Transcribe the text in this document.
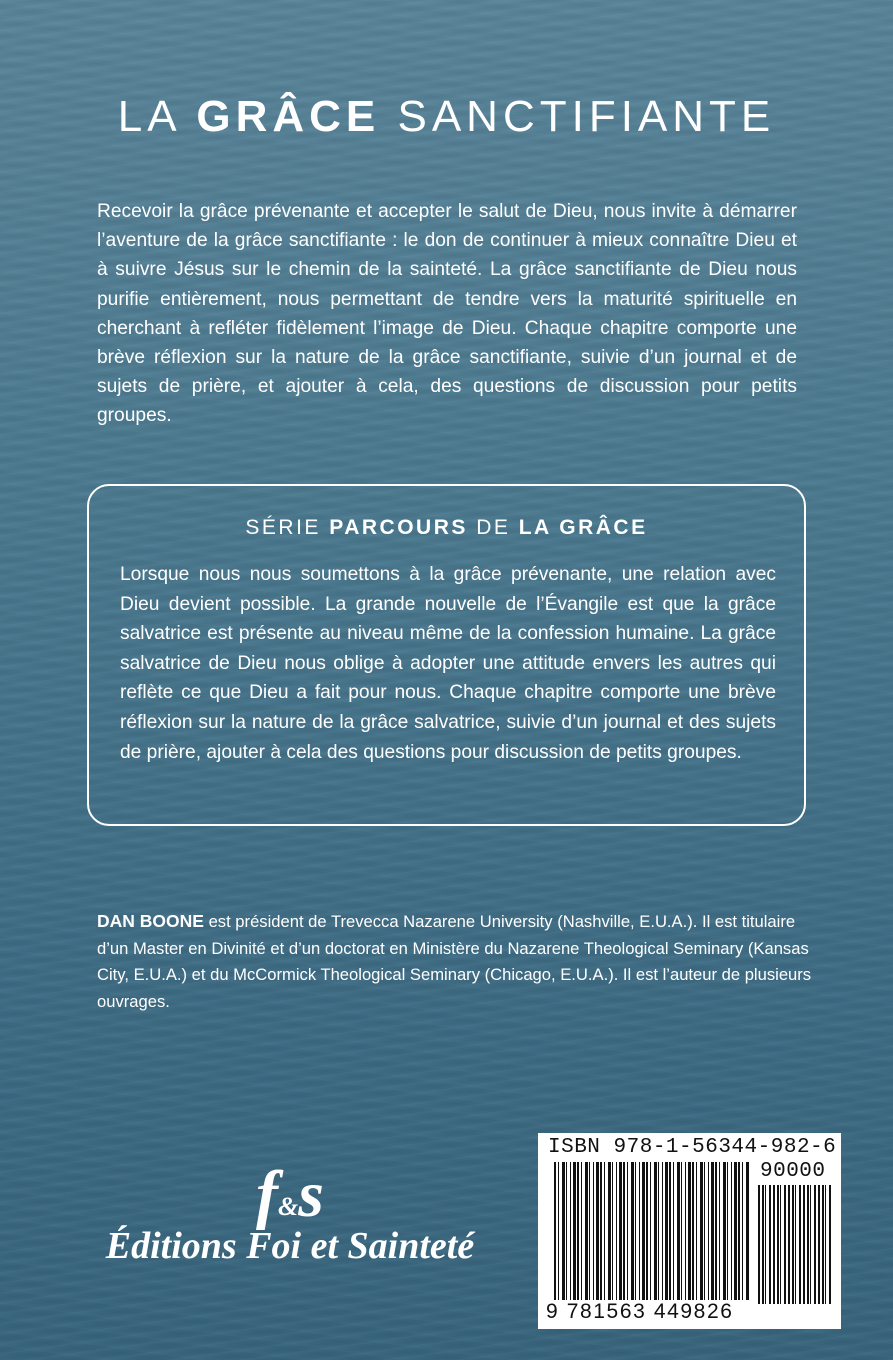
LA GRÂCE SANCTIFIANTE
Recevoir la grâce prévenante et accepter le salut de Dieu, nous invite à démarrer l’aventure de la grâce sanctifiante : le don de continuer à mieux connaître Dieu et à suivre Jésus sur le chemin de la sainteté. La grâce sanctifiante de Dieu nous purifie entièrement, nous permettant de tendre vers la maturité spirituelle en cherchant à refléter fidèlement l’image de Dieu. Chaque chapitre comporte une brève réflexion sur la nature de la grâce sanctifiante, suivie d’un journal et de sujets de prière, et ajouter à cela, des questions de discussion pour petits groupes.
SÉRIE PARCOURS DE LA GRÂCE
Lorsque nous nous soumettons à la grâce prévenante, une relation avec Dieu devient possible. La grande nouvelle de l’Évangile est que la grâce salvatrice est présente au niveau même de la confession humaine. La grâce salvatrice de Dieu nous oblige à adopter une attitude envers les autres qui reflète ce que Dieu a fait pour nous. Chaque chapitre comporte une brève réflexion sur la nature de la grâce salvatrice, suivie d’un journal et des sujets de prière, ajouter à cela des questions pour discussion de petits groupes.
DAN BOONE est président de Trevecca Nazarene University (Nashville, E.U.A.). Il est titulaire d’un Master en Divinité et d’un doctorat en Ministère du Nazarene Theological Seminary (Kansas City, E.U.A.) et du McCormick Theological Seminary (Chicago, E.U.A.). Il est l’auteur de plusieurs ouvrages.
f&s
Éditions Foi et Sainteté
ISBN 978-1-56344-982-6
90000
9 781563 449826
